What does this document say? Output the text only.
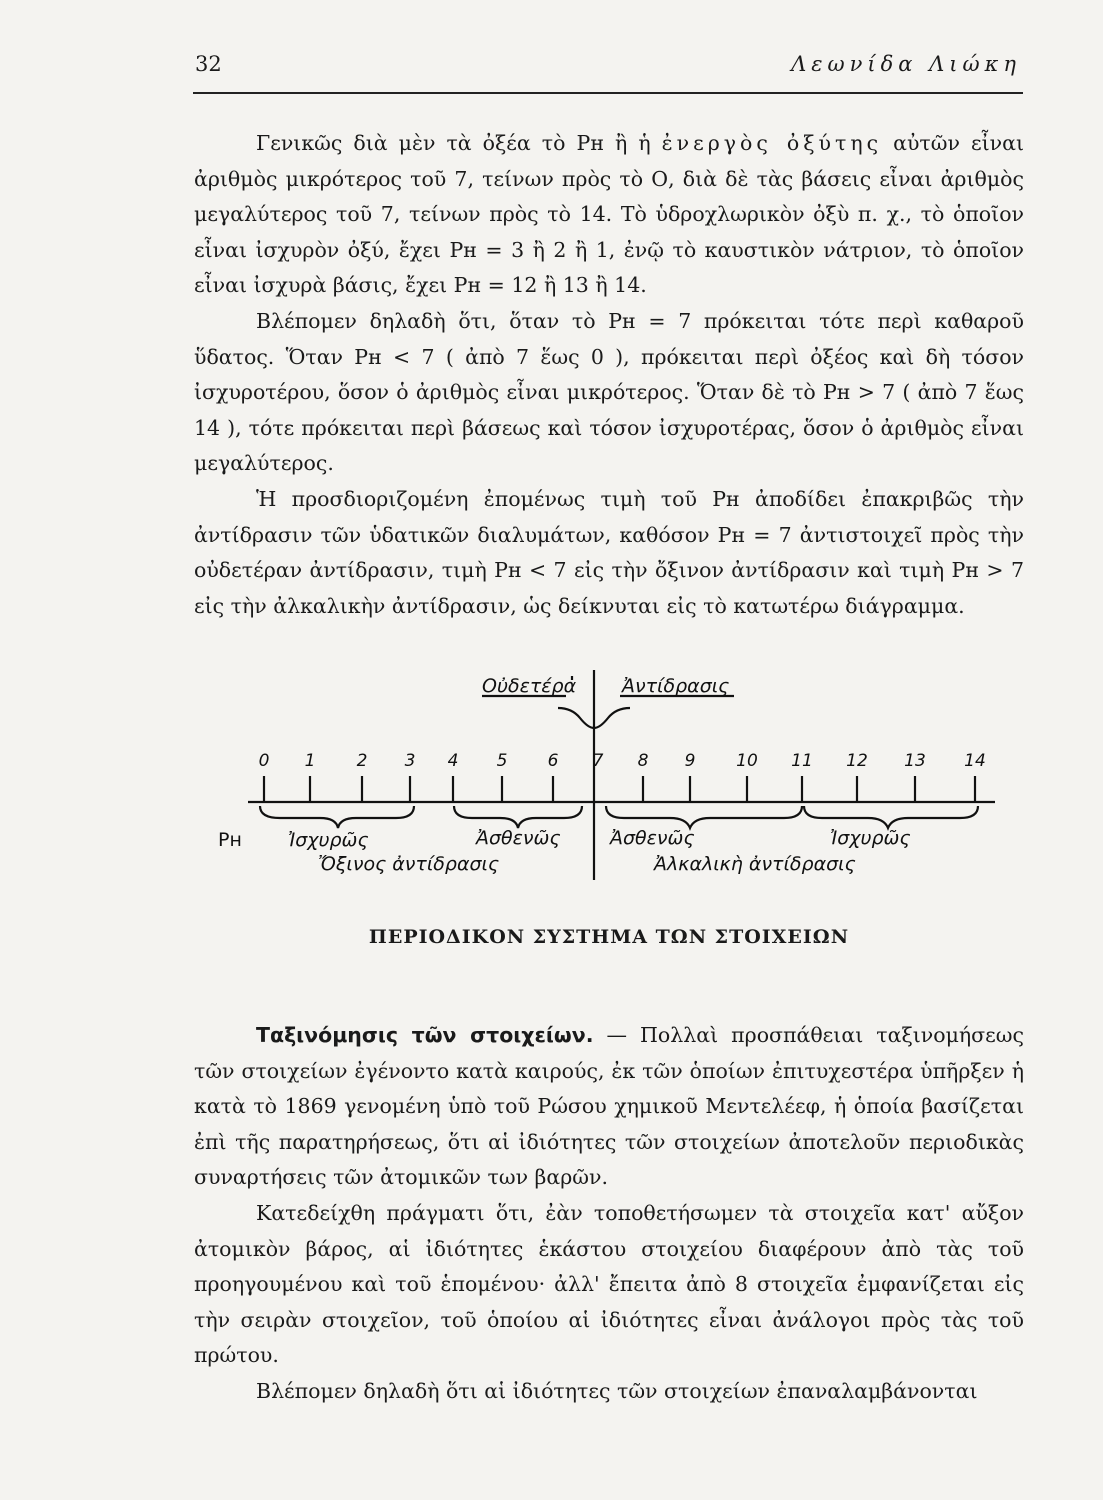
32	Λεωνίδα Λιώκη

Γενικῶς διὰ μὲν τὰ ὀξέα τὸ Pʜ ἢ ἡ ἐνεργὸς ὀξύτης αὐτῶν εἶναι ἀριθμὸς μικρότερος τοῦ 7, τείνων πρὸς τὸ Ο, διὰ δὲ τὰς βάσεις εἶναι ἀριθμὸς μεγαλύτερος τοῦ 7, τείνων πρὸς τὸ 14. Τὸ ὑδροχλωρικὸν ὀξὺ π. χ., τὸ ὁποῖον εἶναι ἰσχυρὸν ὀξύ, ἔχει Pʜ = 3 ἢ 2 ἢ 1, ἐνῷ τὸ καυστικὸν νάτριον, τὸ ὁποῖον εἶναι ἰσχυρὰ βάσις, ἔχει Pʜ = 12 ἢ 13 ἢ 14.

Βλέπομεν δηλαδὴ ὅτι, ὅταν τὸ Pʜ = 7 πρόκειται τότε περὶ καθαροῦ ὕδατος. Ὅταν Pʜ < 7 ( ἀπὸ 7 ἕως 0 ), πρόκειται περὶ ὀξέος καὶ δὴ τόσον ἰσχυροτέρου, ὅσον ὁ ἀριθμὸς εἶναι μικρότερος. Ὅταν δὲ τὸ Pʜ > 7 ( ἀπὸ 7 ἕως 14 ), τότε πρόκειται περὶ βάσεως καὶ τόσον ἰσχυροτέρας, ὅσον ὁ ἀριθμὸς εἶναι μεγαλύτερος.

Ἡ προσδιοριζομένη ἐπομένως τιμὴ τοῦ Pʜ ἀποδίδει ἐπακριβῶς τὴν ἀντίδρασιν τῶν ὑδατικῶν διαλυμάτων, καθόσον Pʜ = 7 ἀντιστοιχεῖ πρὸς τὴν οὐδετέραν ἀντίδρασιν, τιμὴ Pʜ < 7 εἰς τὴν ὄξινον ἀντίδρασιν καὶ τιμὴ Pʜ > 7 εἰς τὴν ἀλκαλικὴν ἀντίδρασιν, ὡς δείκνυται εἰς τὸ κατωτέρω διάγραμμα.

Οὐδετέρα Ἀντίδρασις
0 1 2 3 4 5 6 7 8 9 10 11 12 13 14
Pʜ Ἰσχυρῶς	Ἀσθενῶς
Ὄξινος ἀντίδρασις
Ἀσθενῶς	Ἰσχυρῶς
Ἀλκαλικὴ ἀντίδρασις
ΠΕΡΙΟΔΙΚΟΝ ΣΥΣΤΗΜΑ ΤΩΝ ΣΤΟΙΧΕΙΩΝ

Ταξινόμησις τῶν στοιχείων. — Πολλαὶ προσπάθειαι ταξινομήσεως τῶν στοιχείων ἐγένοντο κατὰ καιρούς, ἐκ τῶν ὁποίων ἐπιτυχεστέρα ὑπῆρξεν ἡ κατὰ τὸ 1869 γενομένη ὑπὸ τοῦ Ρώσου χημικοῦ Μεντελέεφ, ἡ ὁποία βασίζεται ἐπὶ τῆς παρατηρήσεως, ὅτι αἱ ἰδιότητες τῶν στοιχείων ἀποτελοῦν περιοδικὰς συναρτήσεις τῶν ἀτομικῶν των βαρῶν.

Κατεδείχθη πράγματι ὅτι, ἐὰν τοποθετήσωμεν τὰ στοιχεῖα κατ' αὔξον ἀτομικὸν βάρος, αἱ ἰδιότητες ἑκάστου στοιχείου διαφέρουν ἀπὸ τὰς τοῦ προηγουμένου καὶ τοῦ ἑπομένου· ἀλλ' ἔπειτα ἀπὸ 8 στοιχεῖα ἐμφανίζεται εἰς τὴν σειρὰν στοιχεῖον, τοῦ ὁποίου αἱ ἰδιότητες εἶναι ἀνάλογοι πρὸς τὰς τοῦ πρώτου.

Βλέπομεν δηλαδὴ ὅτι αἱ ἰδιότητες τῶν στοιχείων ἐπαναλαμβάνονται
